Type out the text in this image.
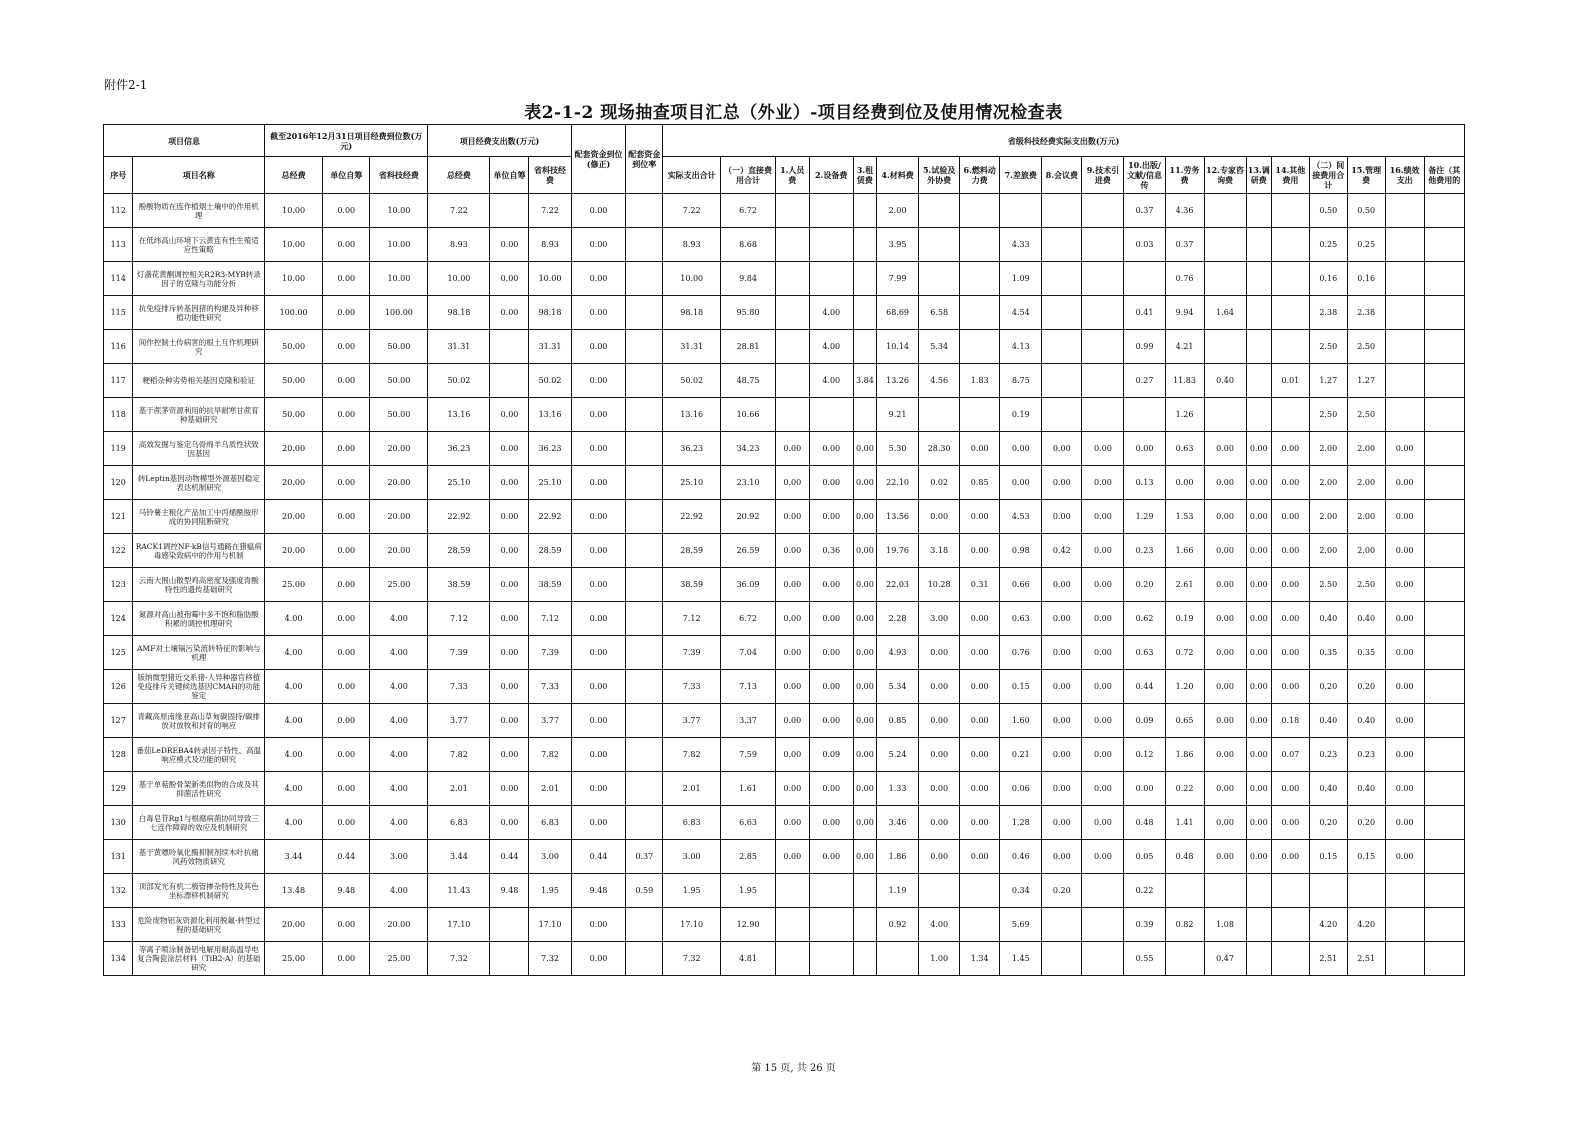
附件2-1
表2-1-2 现场抽查项目汇总（外业）-项目经费到位及使用情况检查表
项目信息		截至2016年12月31日项目经费到位数(万元)			项目经费支出数(万元)			配套资金到位(修正)	配套资金到位率	省级科技经费实际支出数(万元)																			
序号	项目名称	总经费	单位自筹	省科技经费	总经费	单位自筹	省科技经费			实际支出合计	（一）直接费用合计	1.人员费	2.设备费	3.租赁费	4.材料费	5.试验及外协费	6.燃料动力费	7.差旅费	8.会议费	9.技术引进费	10.出版/文献/信息传	11.劳务费	12.专家咨询费	13.调研费	14.其他费用	（二）间接费用合计	15.管理费	16.绩效支出	备注（其他费用的
112	酚酸物质在连作植烟土壤中的作用机理	10.00	0.00	10.00	7.22		7.22	0.00		7.22	6.72				2.00						0.37	4.36				0.50	0.50		
113	在低纬高山环境下云黄连有性生殖适应性策略	10.00	0.00	10.00	8.93	0.00	8.93	0.00		8.93	8.68				3.95			4.33			0.03	0.37				0.25	0.25		
114	灯盏花黄酮调控相关R2R3-MYB转录因子的克隆与功能分析	10.00	0.00	10.00	10.00	0.00	10.00	0.00		10.00	9.84				7.99			1.09				0.76				0.16	0.16		
115	抗免疫排斥转基因猪的构建及异种移植功能性研究	100.00	0.00	100.00	98.18	0.00	98.18	0.00		98.18	95.80		4.00		68.69	6.58		4.54			0.41	9.94	1.64			2.38	2.38		
116	间作控制土传病害的根土互作机理研究	50.00	0.00	50.00	31.31		31.31	0.00		31.31	28.81		4.00		10.14	5.34		4.13			0.99	4.21				2.50	2.50		
117	粳稻杂种劣势相关基因克隆和验证	50.00	0.00	50.00	50.02		50.02	0.00		50.02	48.75		4.00	3.84	13.26	4.56	1.83	8.75			0.27	11.83	0.40		0.01	1.27	1.27		
118	基于蔗茅资源利用的抗旱耐寒甘蔗育种基础研究	50.00	0.00	50.00	13.16	0.00	13.16	0.00		13.16	10.66				9.21			0.19				1.26				2.50	2.50		
119	高效发掘与鉴定乌骨绵羊乌质性状致因基因	20.00	0.00	20.00	36.23	0.00	36.23	0.00		36.23	34.23	0.00	0.00	0.00	5.30	28.30	0.00	0.00	0.00	0.00	0.00	0.63	0.00	0.00	0.00	2.00	2.00	0.00	
120	转Leptin基因动物模型外源基因稳定表达机制研究	20.00	0.00	20.00	25.10	0.00	25.10	0.00		25.10	23.10	0.00	0.00	0.00	22.10	0.02	0.85	0.00	0.00	0.00	0.13	0.00	0.00	0.00	0.00	2.00	2.00	0.00	
121	马铃薯主粮化产品加工中丙烯酰胺形成的协同阻断研究	20.00	0.00	20.00	22.92	0.00	22.92	0.00		22.92	20.92	0.00	0.00	0.00	13.56	0.00	0.00	4.53	0.00	0.00	1.29	1.53	0.00	0.00	0.00	2.00	2.00	0.00	
122	RACK1调控NF-kB信号通路在猪瘟病毒感染致病中的作用与机制	20.00	0.00	20.00	28.59	0.00	28.59	0.00		28.59	26.59	0.00	0.36	0.00	19.76	3.18	0.00	0.98	0.42	0.00	0.23	1.66	0.00	0.00	0.00	2.00	2.00	0.00	
123	云南大围山散型鸡高密度及强度青酸特性的遗传基础研究	25.00	0.00	25.00	38.59	0.00	38.59	0.00		38.59	36.09	0.00	0.00	0.00	22.03	10.28	0.31	0.66	0.00	0.00	0.20	2.61	0.00	0.00	0.00	2.50	2.50	0.00	
124	氮源对高山被孢霉中多不饱和脂肪酸积累的调控机理研究	4.00	0.00	4.00	7.12	0.00	7.12	0.00		7.12	6.72	0.00	0.00	0.00	2.28	3.00	0.00	0.63	0.00	0.00	0.62	0.19	0.00	0.00	0.00	0.40	0.40	0.00	
125	AMF对土壤镉污染流转特征的影响与机理	4.00	0.00	4.00	7.39	0.00	7.39	0.00		7.39	7.04	0.00	0.00	0.00	4.93	0.00	0.00	0.76	0.00	0.00	0.63	0.72	0.00	0.00	0.00	0.35	0.35	0.00	
126	版纳微型猪近交系猪-人异种器官移植免疫排斥关键候选基因CMAH的功能鉴定	4.00	0.00	4.00	7.33	0.00	7.33	0.00		7.33	7.13	0.00	0.00	0.00	5.34	0.00	0.00	0.15	0.00	0.00	0.44	1.20	0.00	0.00	0.00	0.20	0.20	0.00	
127	青藏高原南缘亚高山草甸碳固持/碳排放对放牧和封育的响应	4.00	0.00	4.00	3.77	0.00	3.77	0.00		3.77	3.37	0.00	0.00	0.00	0.85	0.00	0.00	1.60	0.00	0.00	0.09	0.65	0.00	0.00	0.18	0.40	0.40	0.00	
128	番茄LeDREBA4转录因子特性、高温响应模式及功能的研究	4.00	0.00	4.00	7.82	0.00	7.82	0.00		7.82	7.59	0.00	0.09	0.00	5.24	0.00	0.00	0.21	0.00	0.00	0.12	1.86	0.00	0.00	0.07	0.23	0.23	0.00	
129	基于单萜酚骨架新类似物的合成及其抑菌活性研究	4.00	0.00	4.00	2.01	0.00	2.01	0.00		2.01	1.61	0.00	0.00	0.00	1.33	0.00	0.00	0.06	0.00	0.00	0.00	0.22	0.00	0.00	0.00	0.40	0.40	0.00	
130	白毒皂苷Rg1与根腐病菌协同导致三七连作障碍的效应及机制研究	4.00	0.00	4.00	6.83	0.00	6.83	0.00		6.83	6.63	0.00	0.00	0.00	3.46	0.00	0.00	1.28	0.00	0.00	0.48	1.41	0.00	0.00	0.00	0.20	0.20	0.00	
131	基于黄嘌呤氧化酶抑制剂续木叶抗痛风药效物质研究	3.44	0.44	3.00	3.44	0.44	3.00	0.44	0.37	3.00	2.85	0.00	0.00	0.00	1.86	0.00	0.00	0.46	0.00	0.00	0.05	0.48	0.00	0.00	0.00	0.15	0.15	0.00	
132	顶部发光有机二极管掺杂特性及其色坐标漂移机制研究	13.48	9.48	4.00	11.43	9.48	1.95	9.48	0.59	1.95	1.95				1.19			0.34	0.20		0.22								
133	危险废物铝灰资源化利用脱氟-转型过程的基础研究	20.00	0.00	20.00	17.10		17.10	0.00		17.10	12.90				0.92	4.00		5.69			0.39	0.82	1.08			4.20	4.20		
134	等离子喷涂制备铝电解用耐高温导电复合陶瓷涂层材料（TiB2-A）的基础研究	25.00	0.00	25.00	7.32		7.32	0.00		7.32	4.81					1.00	1.34	1.45			0.55		0.47			2.51	2.51		
第 15 页, 共 26 页
